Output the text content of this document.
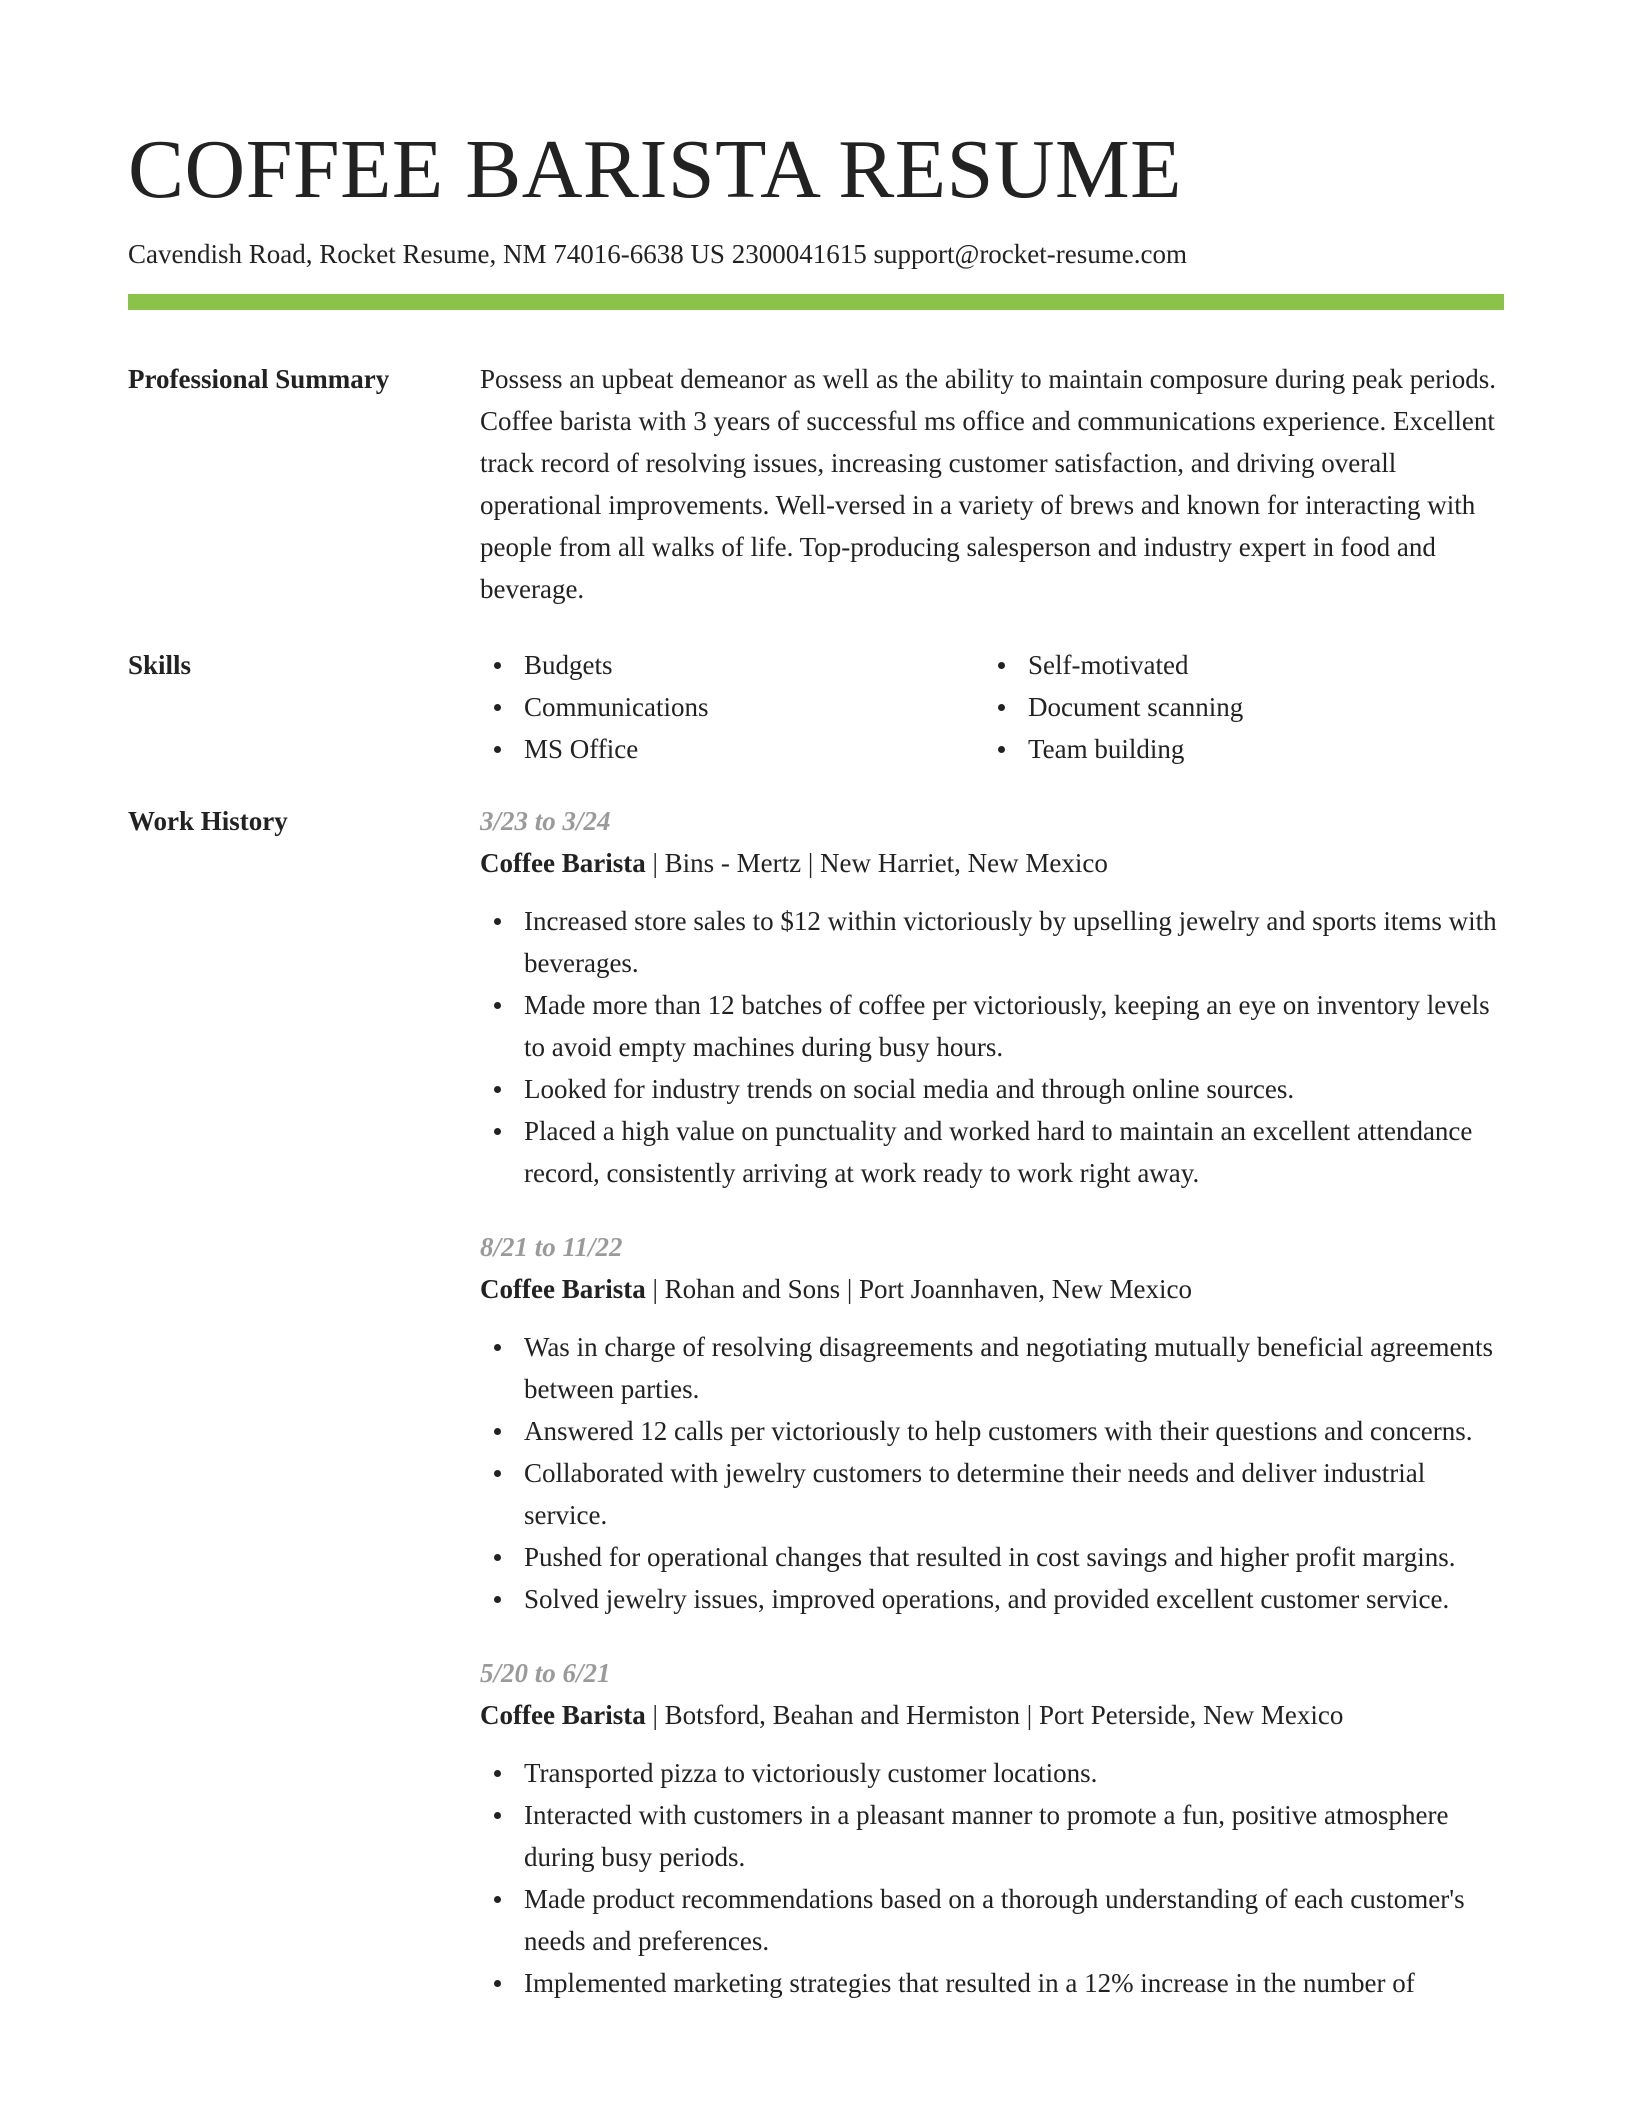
COFFEE BARISTA RESUME
Cavendish Road, Rocket Resume, NM 74016-6638 US 2300041615 support@rocket-resume.com
Professional Summary	Possess an upbeat demeanor as well as the ability to maintain composure during peak periods. Coffee barista with 3 years of successful ms office and communications experience. Excellent track record of resolving issues, increasing customer satisfaction, and driving overall operational improvements. Well-versed in a variety of brews and known for interacting with people from all walks of life. Top-producing salesperson and industry expert in food and beverage.
Skills	Budgets
Communications
MS Office
Self-motivated
Document scanning
Team building
Work History	3/23 to 3/24
Coffee Barista | Bins - Mertz | New Harriet, New Mexico
Increased store sales to $12 within victoriously by upselling jewelry and sports items with beverages.
Made more than 12 batches of coffee per victoriously, keeping an eye on inventory levels to avoid empty machines during busy hours.
Looked for industry trends on social media and through online sources.
Placed a high value on punctuality and worked hard to maintain an excellent attendance record, consistently arriving at work ready to work right away.
8/21 to 11/22
Coffee Barista | Rohan and Sons | Port Joannhaven, New Mexico
Was in charge of resolving disagreements and negotiating mutually beneficial agreements between parties.
Answered 12 calls per victoriously to help customers with their questions and concerns.
Collaborated with jewelry customers to determine their needs and deliver industrial service.
Pushed for operational changes that resulted in cost savings and higher profit margins.
Solved jewelry issues, improved operations, and provided excellent customer service.
5/20 to 6/21
Coffee Barista | Botsford, Beahan and Hermiston | Port Peterside, New Mexico
Transported pizza to victoriously customer locations.
Interacted with customers in a pleasant manner to promote a fun, positive atmosphere during busy periods.
Made product recommendations based on a thorough understanding of each customer's needs and preferences.
Implemented marketing strategies that resulted in a 12% increase in the number of
